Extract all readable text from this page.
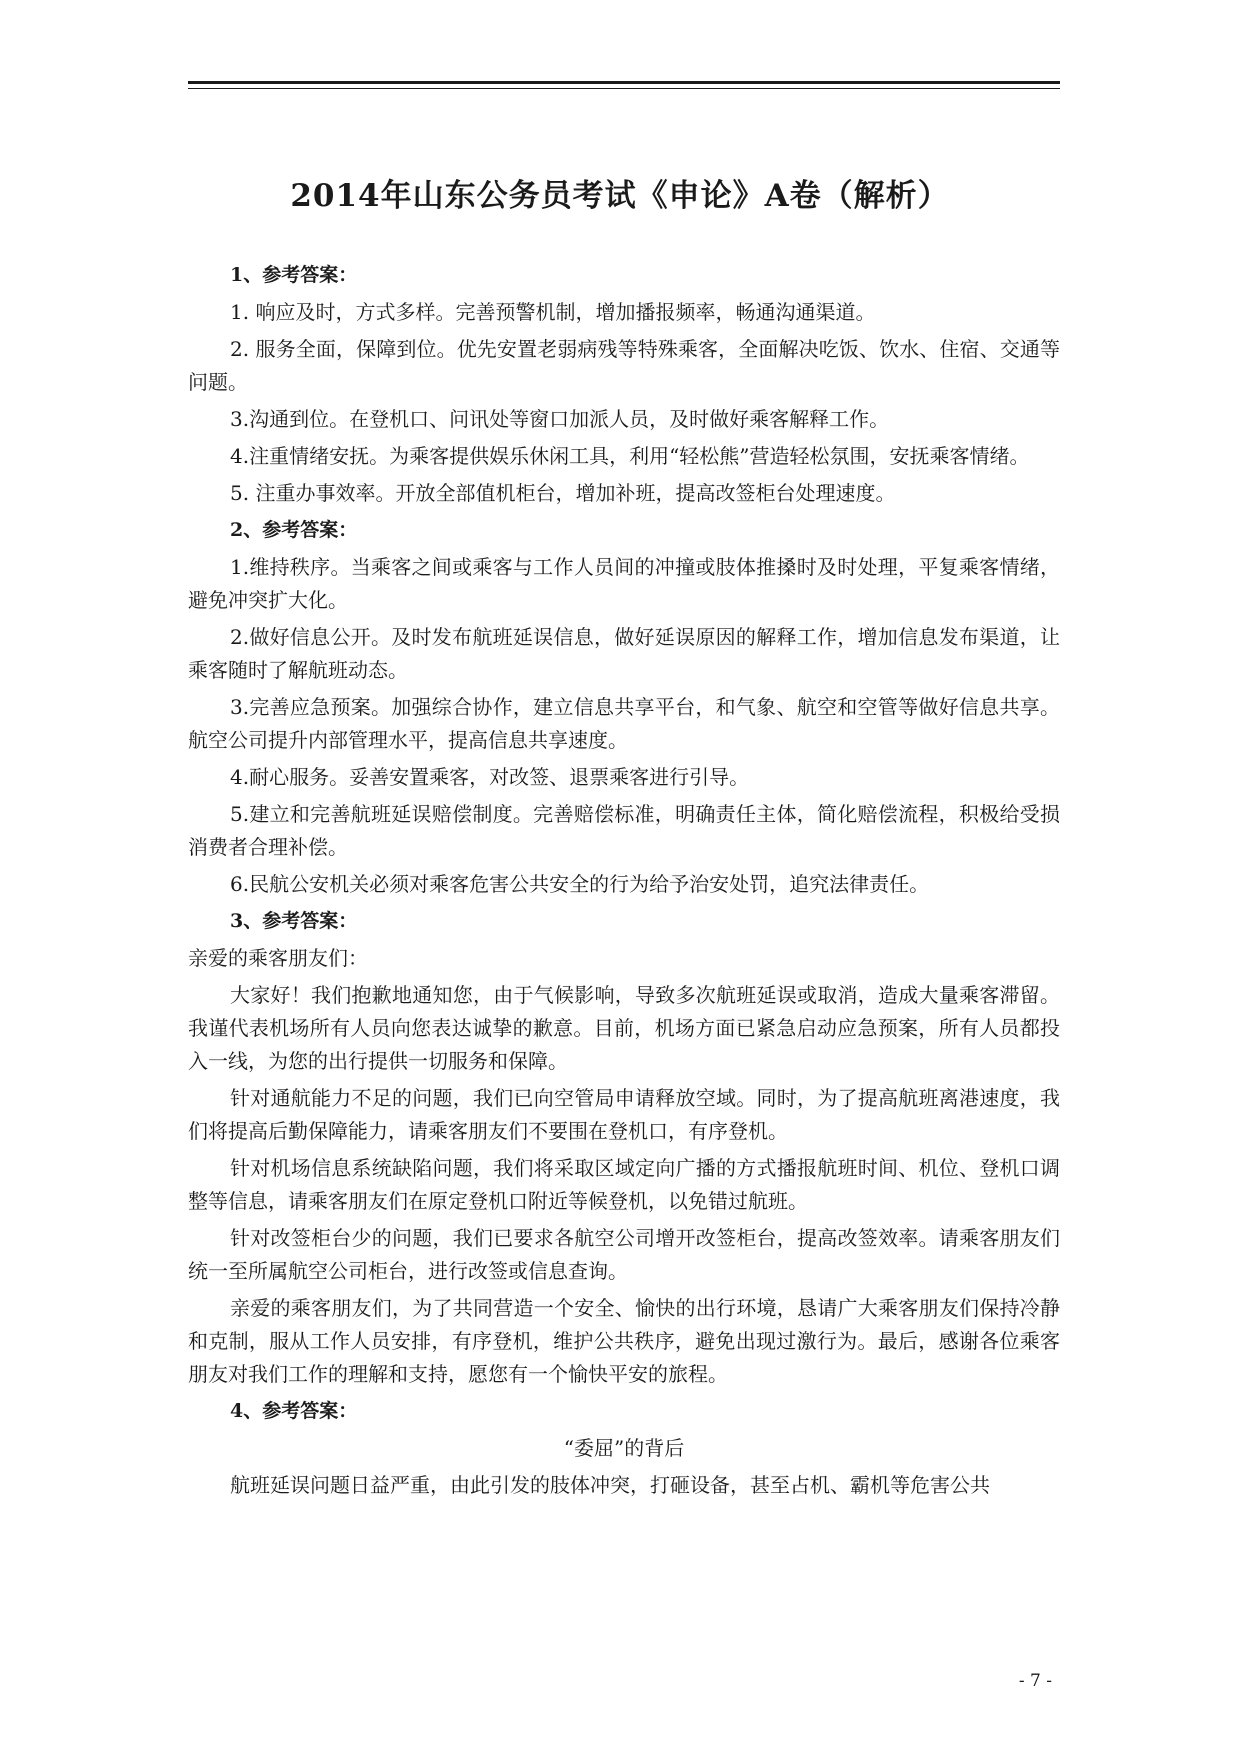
2014年山东公务员考试《申论》A卷（解析）

1、参考答案：

1. 响应及时，方式多样。完善预警机制，增加播报频率，畅通沟通渠道。

2. 服务全面，保障到位。优先安置老弱病残等特殊乘客，全面解决吃饭、饮水、住宿、交通等问题。

3.沟通到位。在登机口、问讯处等窗口加派人员，及时做好乘客解释工作。

4.注重情绪安抚。为乘客提供娱乐休闲工具，利用“轻松熊”营造轻松氛围，安抚乘客情绪。

5. 注重办事效率。开放全部值机柜台，增加补班，提高改签柜台处理速度。

2、参考答案：

1.维持秩序。当乘客之间或乘客与工作人员间的冲撞或肢体推搡时及时处理，平复乘客情绪，避免冲突扩大化。

2.做好信息公开。及时发布航班延误信息，做好延误原因的解释工作，增加信息发布渠道，让乘客随时了解航班动态。

3.完善应急预案。加强综合协作，建立信息共享平台，和气象、航空和空管等做好信息共享。航空公司提升内部管理水平，提高信息共享速度。

4.耐心服务。妥善安置乘客，对改签、退票乘客进行引导。

5.建立和完善航班延误赔偿制度。完善赔偿标准，明确责任主体，简化赔偿流程，积极给受损消费者合理补偿。

6.民航公安机关必须对乘客危害公共安全的行为给予治安处罚，追究法律责任。

3、参考答案：

亲爱的乘客朋友们：

大家好！我们抱歉地通知您，由于气候影响，导致多次航班延误或取消，造成大量乘客滞留。我谨代表机场所有人员向您表达诚挚的歉意。目前，机场方面已紧急启动应急预案，所有人员都投入一线，为您的出行提供一切服务和保障。

针对通航能力不足的问题，我们已向空管局申请释放空域。同时，为了提高航班离港速度，我们将提高后勤保障能力，请乘客朋友们不要围在登机口，有序登机。

针对机场信息系统缺陷问题，我们将采取区域定向广播的方式播报航班时间、机位、登机口调整等信息，请乘客朋友们在原定登机口附近等候登机，以免错过航班。

针对改签柜台少的问题，我们已要求各航空公司增开改签柜台，提高改签效率。请乘客朋友们统一至所属航空公司柜台，进行改签或信息查询。

亲爱的乘客朋友们，为了共同营造一个安全、愉快的出行环境，恳请广大乘客朋友们保持冷静和克制，服从工作人员安排，有序登机，维护公共秩序，避免出现过激行为。最后，感谢各位乘客朋友对我们工作的理解和支持，愿您有一个愉快平安的旅程。

4、参考答案：

“委屈”的背后

航班延误问题日益严重，由此引发的肢体冲突，打砸设备，甚至占机、霸机等危害公共

- 7 -
